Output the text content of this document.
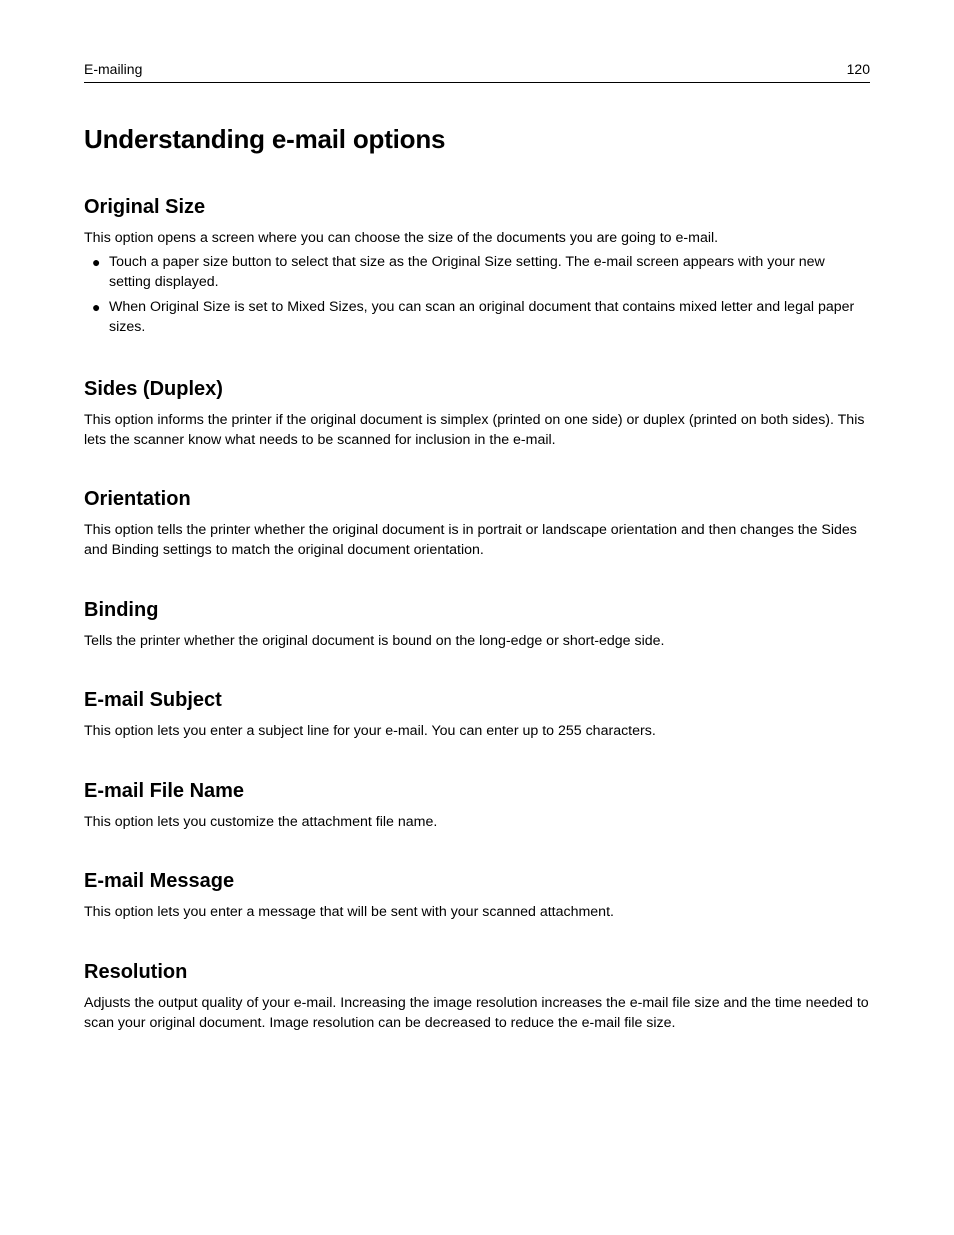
E-mailing	120
Understanding e-mail options
Original Size

This option opens a screen where you can choose the size of the documents you are going to e-mail.

● Touch a paper size button to select that size as the Original Size setting. The e-mail screen appears with your new setting displayed.
● When Original Size is set to Mixed Sizes, you can scan an original document that contains mixed letter and legal paper sizes.
Sides (Duplex)

This option informs the printer if the original document is simplex (printed on one side) or duplex (printed on both sides). This lets the scanner know what needs to be scanned for inclusion in the e-mail.

Orientation

This option tells the printer whether the original document is in portrait or landscape orientation and then changes the Sides and Binding settings to match the original document orientation.

Binding

Tells the printer whether the original document is bound on the long-edge or short-edge side.

E-mail Subject

This option lets you enter a subject line for your e-mail. You can enter up to 255 characters.

E-mail File Name

This option lets you customize the attachment file name.

E-mail Message

This option lets you enter a message that will be sent with your scanned attachment.

Resolution

Adjusts the output quality of your e-mail. Increasing the image resolution increases the e-mail file size and the time needed to scan your original document. Image resolution can be decreased to reduce the e-mail file size.
